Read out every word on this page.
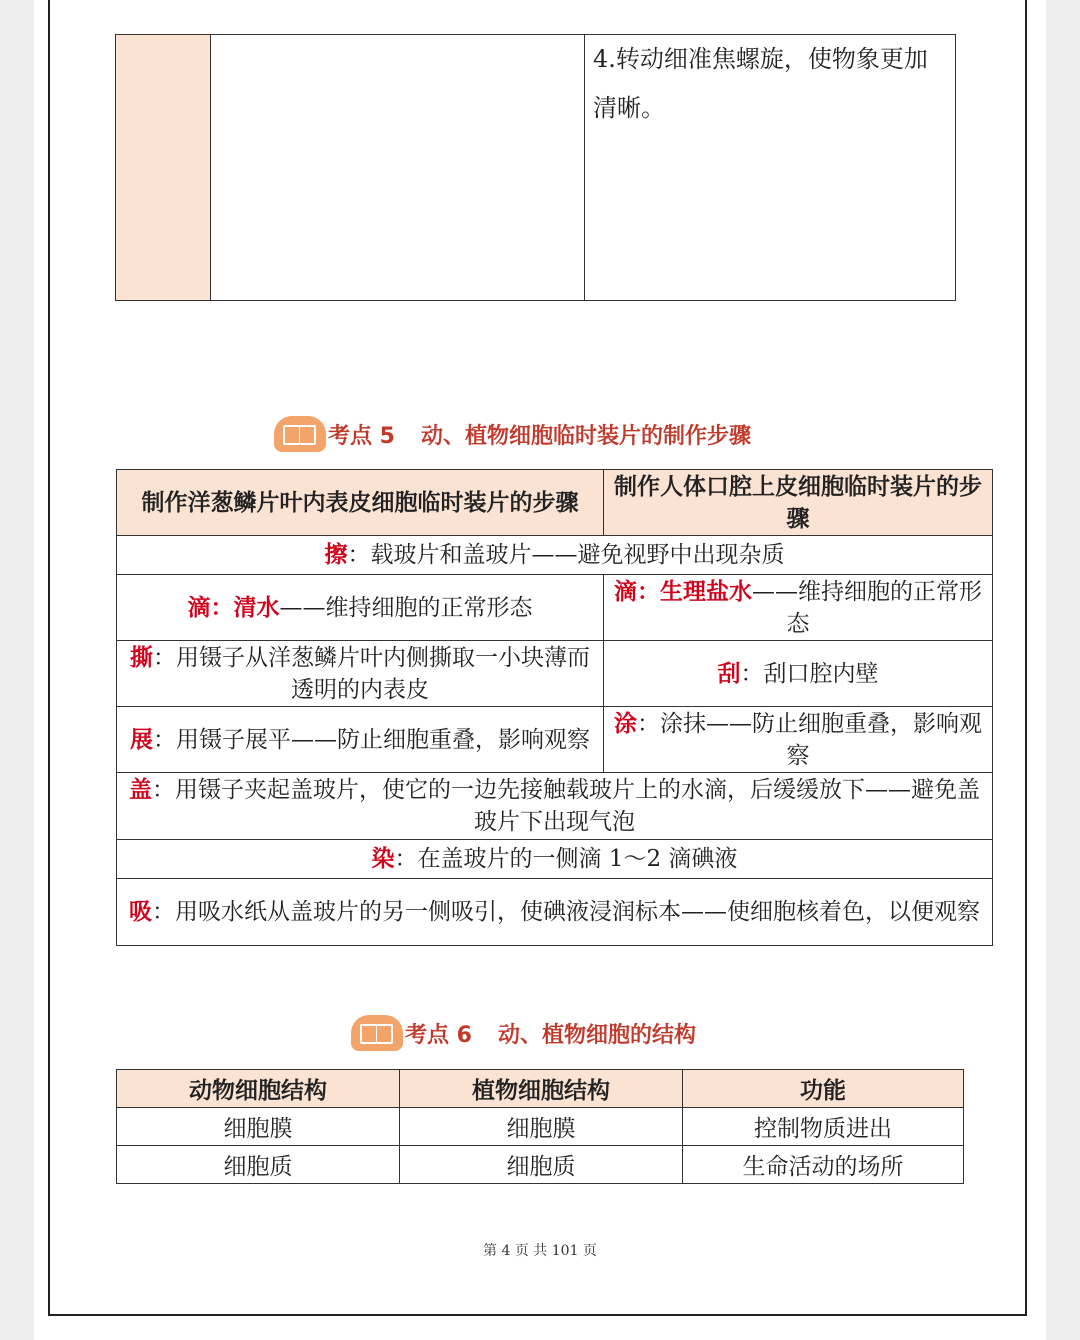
4.转动细准焦螺旋，使物象更加清晰。
考点 5 动、植物细胞临时装片的制作步骤
制作洋葱鳞片叶内表皮细胞临时装片的步骤	制作人体口腔上皮细胞临时装片的步骤
擦：载玻片和盖玻片——避免视野中出现杂质	
滴：清水——维持细胞的正常形态	滴：生理盐水——维持细胞的正常形态
撕：用镊子从洋葱鳞片叶内侧撕取一小块薄而透明的内表皮	刮：刮口腔内壁
展：用镊子展平——防止细胞重叠，影响观察	涂：涂抹——防止细胞重叠，影响观察
盖：用镊子夹起盖玻片，使它的一边先接触载玻片上的水滴，后缓缓放下——避免盖玻片下出现气泡	
染：在盖玻片的一侧滴 1～2 滴碘液	
吸：用吸水纸从盖玻片的另一侧吸引，使碘液浸润标本——使细胞核着色，以便观察	
考点 6 动、植物细胞的结构
动物细胞结构	植物细胞结构	功能
细胞膜	细胞膜	控制物质进出
细胞质	细胞质	生命活动的场所
第 4 页 共 101 页
